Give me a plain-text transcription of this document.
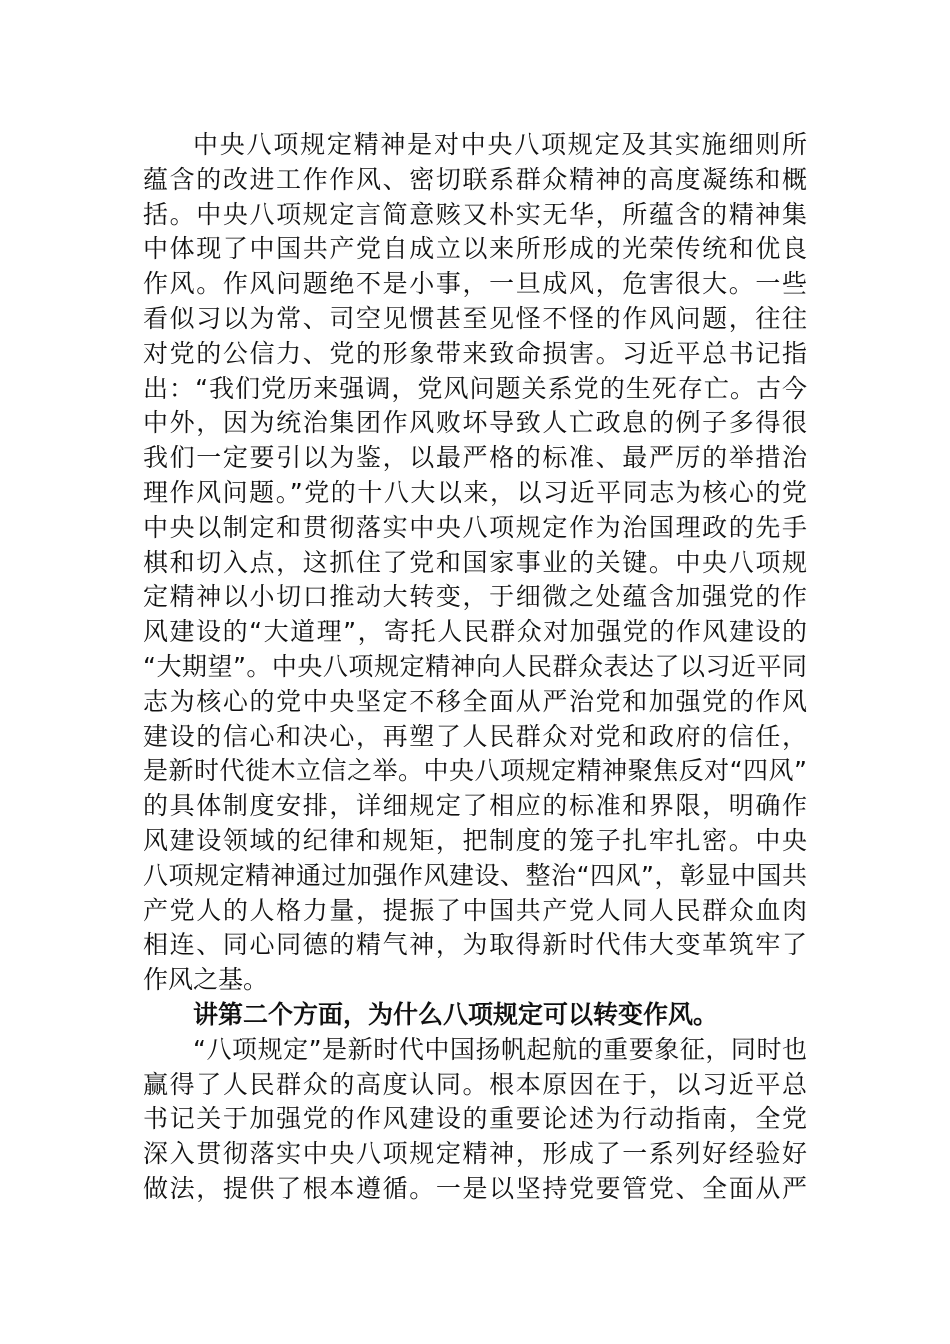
中央八项规定精神是对中央八项规定及其实施细则所
蕴含的改进工作作风、密切联系群众精神的高度凝练和概
括。中央八项规定言简意赅又朴实无华，所蕴含的精神集
中体现了中国共产党自成立以来所形成的光荣传统和优良
作风。作风问题绝不是小事，一旦成风，危害很大。一些
看似习以为常、司空见惯甚至见怪不怪的作风问题，往往
对党的公信力、党的形象带来致命损害。习近平总书记指
出：“我们党历来强调，党风问题关系党的生死存亡。古今
中外，因为统治集团作风败坏导致人亡政息的例子多得很
我们一定要引以为鉴，以最严格的标准、最严厉的举措治
理作风问题。”党的十八大以来，以习近平同志为核心的党
中央以制定和贯彻落实中央八项规定作为治国理政的先手
棋和切入点，这抓住了党和国家事业的关键。中央八项规
定精神以小切口推动大转变，于细微之处蕴含加强党的作
风建设的“大道理”，寄托人民群众对加强党的作风建设的
“大期望”。中央八项规定精神向人民群众表达了以习近平同
志为核心的党中央坚定不移全面从严治党和加强党的作风
建设的信心和决心，再塑了人民群众对党和政府的信任，
是新时代徙木立信之举。中央八项规定精神聚焦反对“四风”
的具体制度安排，详细规定了相应的标准和界限，明确作
风建设领域的纪律和规矩，把制度的笼子扎牢扎密。中央
八项规定精神通过加强作风建设、整治“四风”，彰显中国共
产党人的人格力量，提振了中国共产党人同人民群众血肉
相连、同心同德的精气神，为取得新时代伟大变革筑牢了
作风之基。
讲第二个方面，为什么八项规定可以转变作风。
“八项规定”是新时代中国扬帆起航的重要象征，同时也
赢得了人民群众的高度认同。根本原因在于，以习近平总
书记关于加强党的作风建设的重要论述为行动指南，全党
深入贯彻落实中央八项规定精神，形成了一系列好经验好
做法，提供了根本遵循。一是以坚持党要管党、全面从严
